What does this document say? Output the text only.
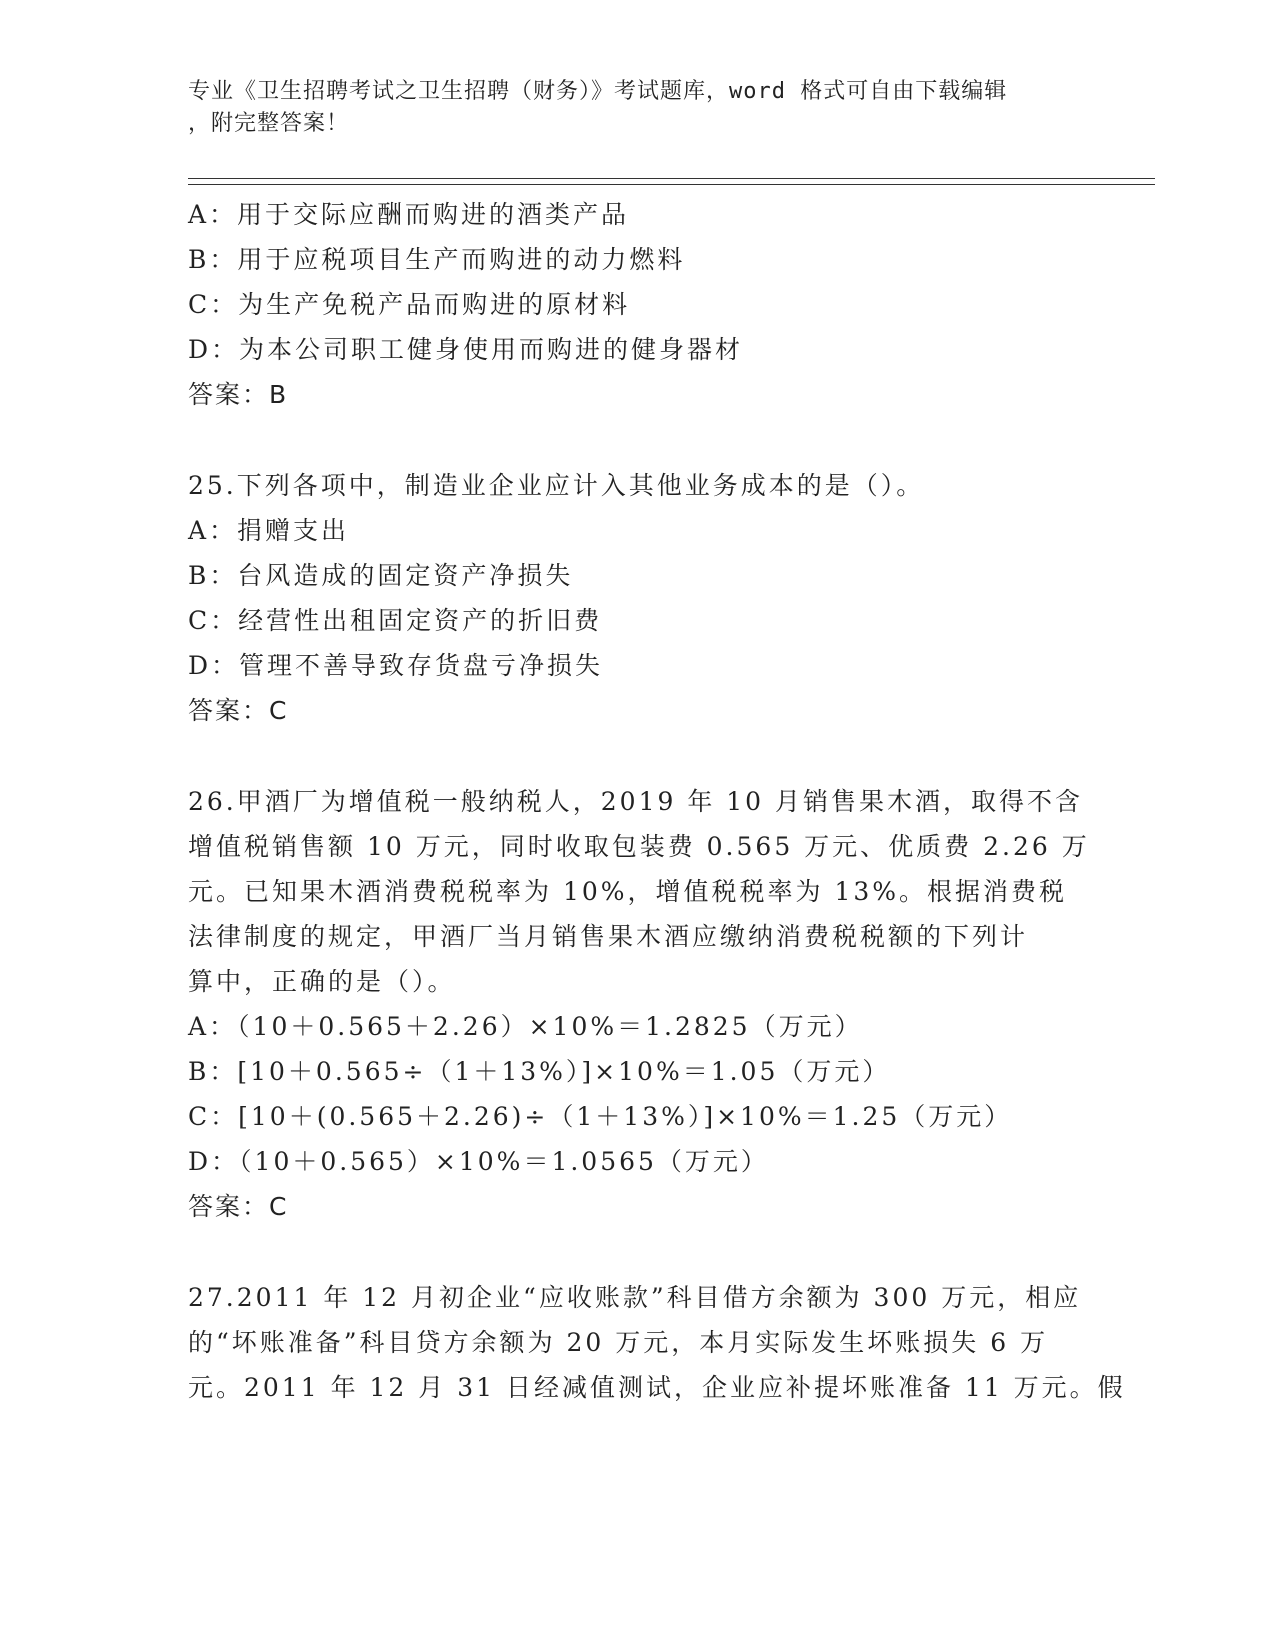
专业《卫生招聘考试之卫生招聘（财务）》考试题库，word 格式可自由下载编辑
，附完整答案！
A：用于交际应酬而购进的酒类产品
B：用于应税项目生产而购进的动力燃料
C：为生产免税产品而购进的原材料
D：为本公司职工健身使用而购进的健身器材
答案：B
25.下列各项中，制造业企业应计入其他业务成本的是（）。
A：捐赠支出
B：台风造成的固定资产净损失
C：经营性出租固定资产的折旧费
D：管理不善导致存货盘亏净损失
答案：C
26.甲酒厂为增值税一般纳税人，2019 年 10 月销售果木酒，取得不含
增值税销售额 10 万元，同时收取包装费 0.565 万元、优质费 2.26 万
元。已知果木酒消费税税率为 10%，增值税税率为 13%。根据消费税
法律制度的规定，甲酒厂当月销售果木酒应缴纳消费税税额的下列计
算中，正确的是（）。
A：（10＋0.565＋2.26）×10%＝1.2825（万元）
B：[10＋0.565÷（1＋13%）]×10%＝1.05（万元）
C：[10＋(0.565＋2.26)÷（1＋13%）]×10%＝1.25（万元）
D：（10＋0.565）×10%＝1.0565（万元）
答案：C
27.2011 年 12 月初企业“应收账款”科目借方余额为 300 万元，相应
的“坏账准备”科目贷方余额为 20 万元，本月实际发生坏账损失 6 万
元。2011 年 12 月 31 日经减值测试，企业应补提坏账准备 11 万元。假
